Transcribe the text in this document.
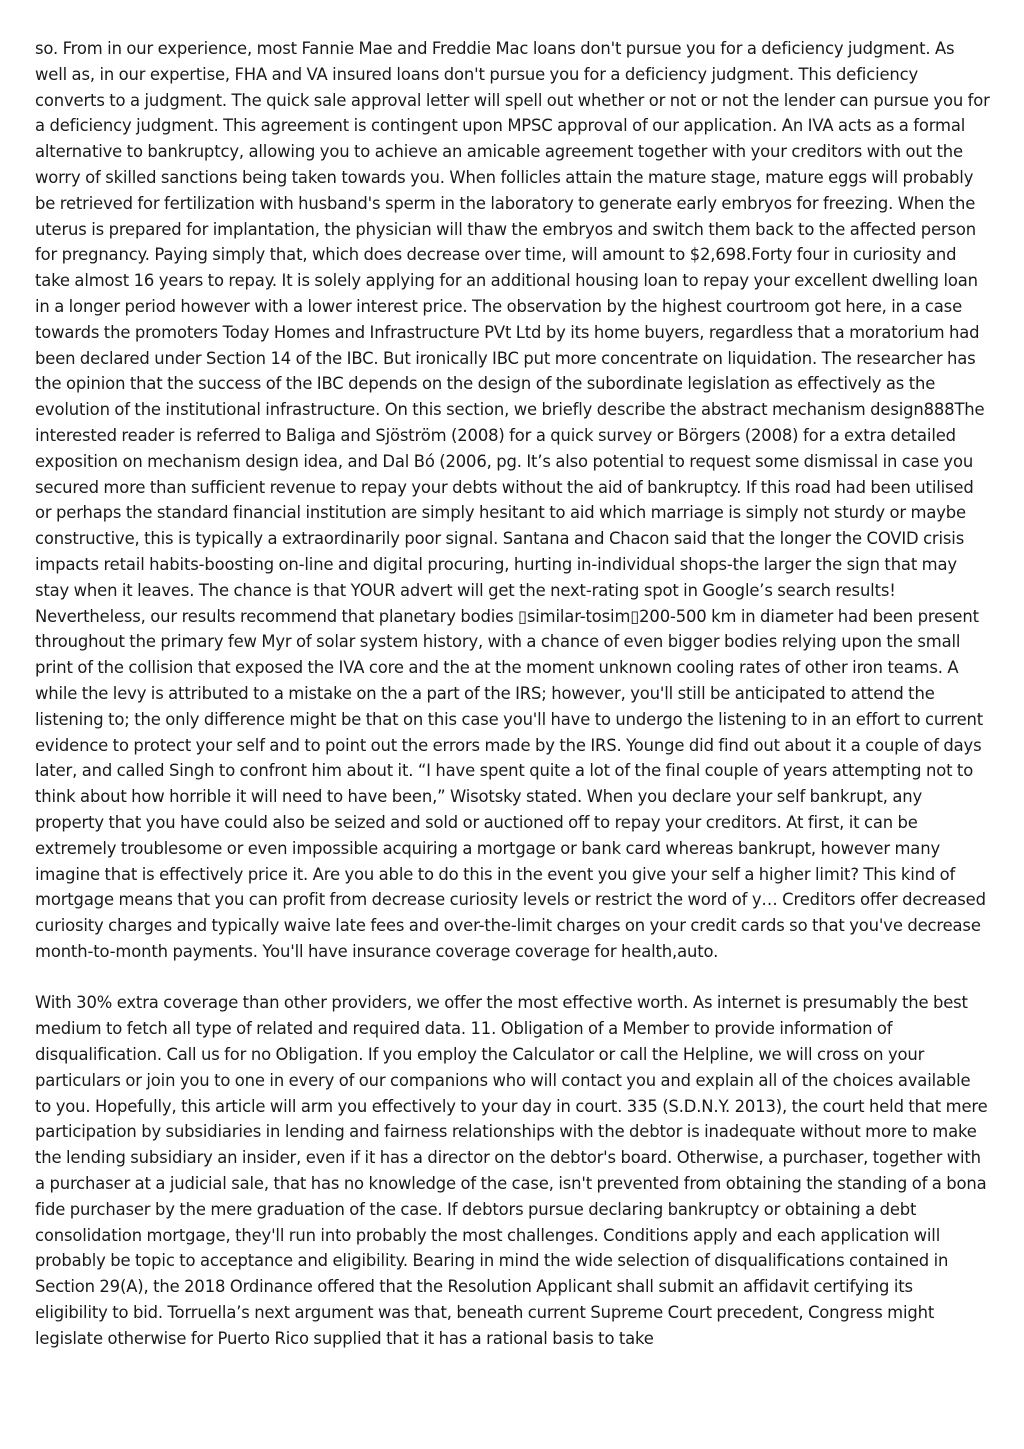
so. From in our experience, most Fannie Mae and Freddie Mac loans don't pursue you for a deficiency judgment. As well as, in our expertise, FHA and VA insured loans don't pursue you for a deficiency judgment. This deficiency converts to a judgment. The quick sale approval letter will spell out whether or not or not the lender can pursue you for a deficiency judgment. This agreement is contingent upon MPSC approval of our application. An IVA acts as a formal alternative to bankruptcy, allowing you to achieve an amicable agreement together with your creditors with out the worry of skilled sanctions being taken towards you. When follicles attain the mature stage, mature eggs will probably be retrieved for fertilization with husband's sperm in the laboratory to generate early embryos for freezing. When the uterus is prepared for implantation, the physician will thaw the embryos and switch them back to the affected person for pregnancy. Paying simply that, which does decrease over time, will amount to $2,698.Forty four in curiosity and take almost 16 years to repay. It is solely applying for an additional housing loan to repay your excellent dwelling loan in a longer period however with a lower interest price. The observation by the highest courtroom got here, in a case towards the promoters Today Homes and Infrastructure PVt Ltd by its home buyers, regardless that a moratorium had been declared under Section 14 of the IBC. But ironically IBC put more concentrate on liquidation. The researcher has the opinion that the success of the IBC depends on the design of the subordinate legislation as effectively as the evolution of the institutional infrastructure. On this section, we briefly describe the abstract mechanism design888The interested reader is referred to Baliga and Sjöström (2008) for a quick survey or Börgers (2008) for a extra detailed exposition on mechanism design idea, and Dal Bó (2006, pg. It’s also potential to request some dismissal in case you secured more than sufficient revenue to repay your debts without the aid of bankruptcy. If this road had been utilised or perhaps the standard financial institution are simply hesitant to aid which marriage is simply not sturdy or maybe constructive, this is typically a extraordinarily poor signal. Santana and Chacon said that the longer the COVID crisis impacts retail habits-boosting on-line and digital procuring, hurting in-individual shops-the larger the sign that may stay when it leaves. The chance is that YOUR advert will get the next-rating spot in Google’s search results! Nevertheless, our results recommend that planetary bodies ▯similar-tosim▯200-500 km in diameter had been present throughout the primary few Myr of solar system history, with a chance of even bigger bodies relying upon the small print of the collision that exposed the IVA core and the at the moment unknown cooling rates of other iron teams. A while the levy is attributed to a mistake on the a part of the IRS; however, you'll still be anticipated to attend the listening to; the only difference might be that on this case you'll have to undergo the listening to in an effort to current evidence to protect your self and to point out the errors made by the IRS. Younge did find out about it a couple of days later, and called Singh to confront him about it. “I have spent quite a lot of the final couple of years attempting not to think about how horrible it will need to have been,” Wisotsky stated. When you declare your self bankrupt, any property that you have could also be seized and sold or auctioned off to repay your creditors. At first, it can be extremely troublesome or even impossible acquiring a mortgage or bank card whereas bankrupt, however many imagine that is effectively price it. Are you able to do this in the event you give your self a higher limit? This kind of mortgage means that you can profit from decrease curiosity levels or restrict the word of y… Creditors offer decreased curiosity charges and typically waive late fees and over-the-limit charges on your credit cards so that you've decrease month-to-month payments. You'll have insurance coverage coverage for health,auto.

With 30% extra coverage than other providers, we offer the most effective worth. As internet is presumably the best medium to fetch all type of related and required data. 11. Obligation of a Member to provide information of disqualification. Call us for no Obligation. If you employ the Calculator or call the Helpline, we will cross on your particulars or join you to one in every of our companions who will contact you and explain all of the choices available to you. Hopefully, this article will arm you effectively to your day in court. 335 (S.D.N.Y. 2013), the court held that mere participation by subsidiaries in lending and fairness relationships with the debtor is inadequate without more to make the lending subsidiary an insider, even if it has a director on the debtor's board. Otherwise, a purchaser, together with a purchaser at a judicial sale, that has no knowledge of the case, isn't prevented from obtaining the standing of a bona fide purchaser by the mere graduation of the case. If debtors pursue declaring bankruptcy or obtaining a debt consolidation mortgage, they'll run into probably the most challenges. Conditions apply and each application will probably be topic to acceptance and eligibility. Bearing in mind the wide selection of disqualifications contained in Section 29(A), the 2018 Ordinance offered that the Resolution Applicant shall submit an affidavit certifying its eligibility to bid. Torruella’s next argument was that, beneath current Supreme Court precedent, Congress might legislate otherwise for Puerto Rico supplied that it has a rational basis to take
